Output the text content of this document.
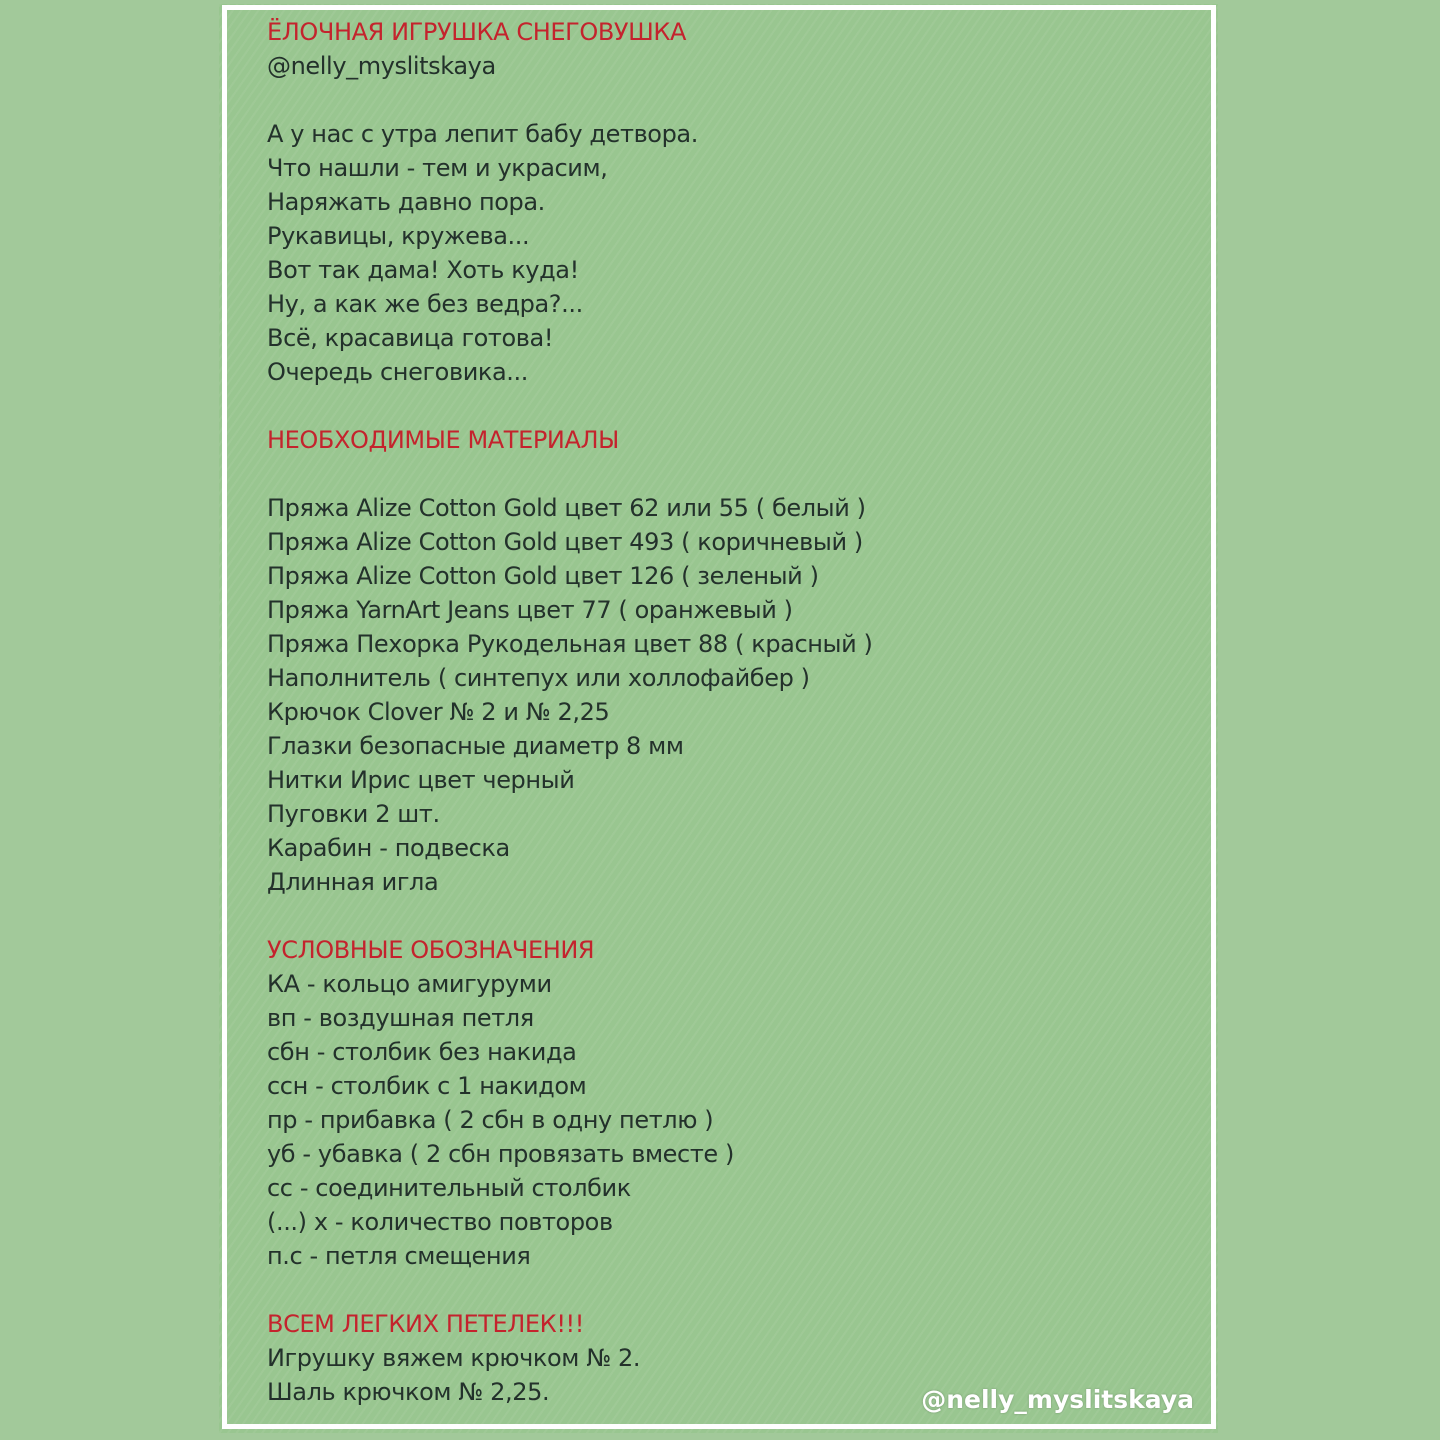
ЁЛОЧНАЯ ИГРУШКА СНЕГОВУШКА
@nelly_myslitskaya
А у нас с утра лепит бабу детвора.
Что нашли - тем и украсим,
Наряжать давно пора.
Рукавицы, кружева...
Вот так дама! Хоть куда!
Ну, а как же без ведра?...
Всё, красавица готова!
Очередь снеговика...
НЕОБХОДИМЫЕ МАТЕРИАЛЫ
Пряжа Alize Cotton Gold цвет 62 или 55 ( белый )
Пряжа Alize Cotton Gold цвет 493 ( коричневый )
Пряжа Alize Cotton Gold цвет 126 ( зеленый )
Пряжа YarnArt Jeans цвет 77 ( оранжевый )
Пряжа Пехорка Рукодельная цвет 88 ( красный )
Наполнитель ( синтепух или холлофайбер )
Крючок Clover № 2 и № 2,25
Глазки безопасные диаметр 8 мм
Нитки Ирис цвет черный
Пуговки 2 шт.
Карабин - подвеска
Длинная игла
УСЛОВНЫЕ ОБОЗНАЧЕНИЯ
КА - кольцо амигуруми
вп - воздушная петля
сбн - столбик без накида
ссн - столбик с 1 накидом
пр - прибавка ( 2 сбн в одну петлю )
уб - убавка ( 2 сбн провязать вместе )
сс - соединительный столбик
(...) х - количество повторов
п.с - петля смещения
ВСЕМ ЛЕГКИХ ПЕТЕЛЕК!!!
Игрушку вяжем крючком № 2.
Шаль крючком № 2,25.	@nelly_myslitskaya
